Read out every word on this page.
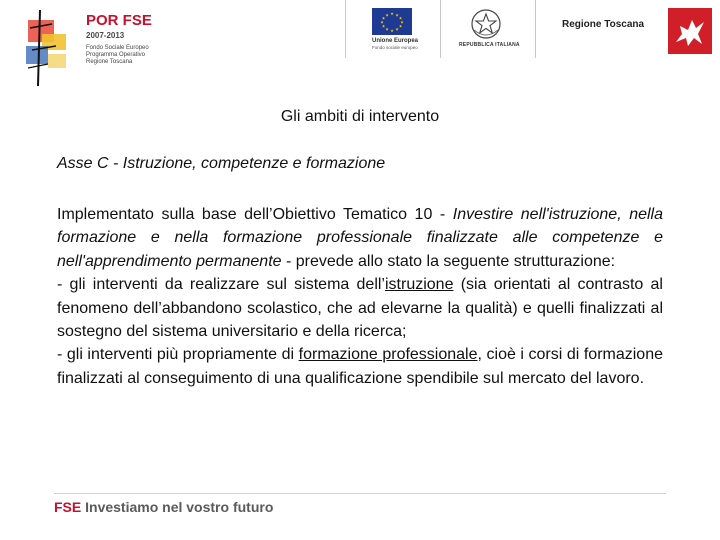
POR FSE
2007-2013
Fondo Sociale Europeo
Programma Operativo
Regione Toscana
★ ★
★
★
★
★
★
★
★
★
★
★
Unione Europea
Fondo sociale europeo	REPUBBLICA ITALIANA
Regione Toscana
Gli ambiti di intervento
Asse C - Istruzione, competenze e formazione

Implementato sulla base dell’Obiettivo Tematico 10 - Investire nell'istruzione, nella formazione e nella formazione professionale finalizzate alle competenze e nell'apprendimento permanente - prevede allo stato la seguente strutturazione:
- gli interventi da realizzare sul sistema dell’istruzione (sia orientati al contrasto al fenomeno dell’abbandono scolastico, che ad elevarne la qualità) e quelli finalizzati al sostegno del sistema universitario e della ricerca;
- gli interventi più propriamente di formazione professionale, cioè i corsi di formazione finalizzati al conseguimento di una qualificazione spendibile sul mercato del lavoro.

FSE Investiamo nel vostro futuro
